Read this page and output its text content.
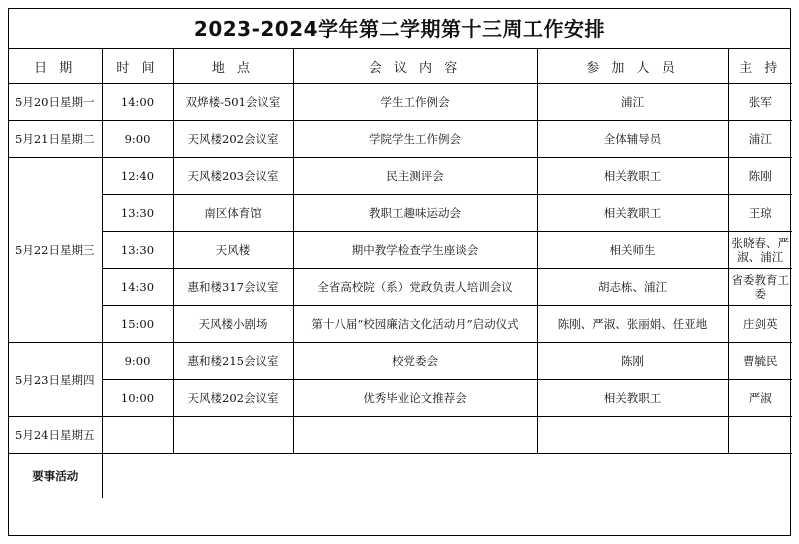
2023-2024学年第二学期第十三周工作安排
日 期	时 间	地 点	会 议 内 容	参 加 人 员	主 持
5月20日星期一	14:00	双烨楼-501会议室	学生工作例会	浦江	张军
5月21日星期二	9:00	天风楼202会议室	学院学生工作例会	全体辅导员	浦江
5月22日星期三	12:40	天风楼203会议室	民主测评会	相关教职工	陈刚
	13:30	南区体育馆	教职工趣味运动会	相关教职工	王琼
	13:30	天风楼	期中教学检查学生座谈会	相关师生	张晓春、严淑、浦江
	14:30	惠和楼317会议室	全省高校院（系）党政负责人培训会议	胡志栋、浦江	省委教育工委
	15:00	天风楼小剧场	第十八届“校园廉洁文化活动月”启动仪式	陈刚、严淑、张丽娟、任亚地	庄剑英
5月23日星期四	9:00	惠和楼215会议室	校党委会	陈刚	曹毓民
	10:00	天风楼202会议室	优秀毕业论文推荐会	相关教职工	严淑
5月24日星期五					
要事活动					
